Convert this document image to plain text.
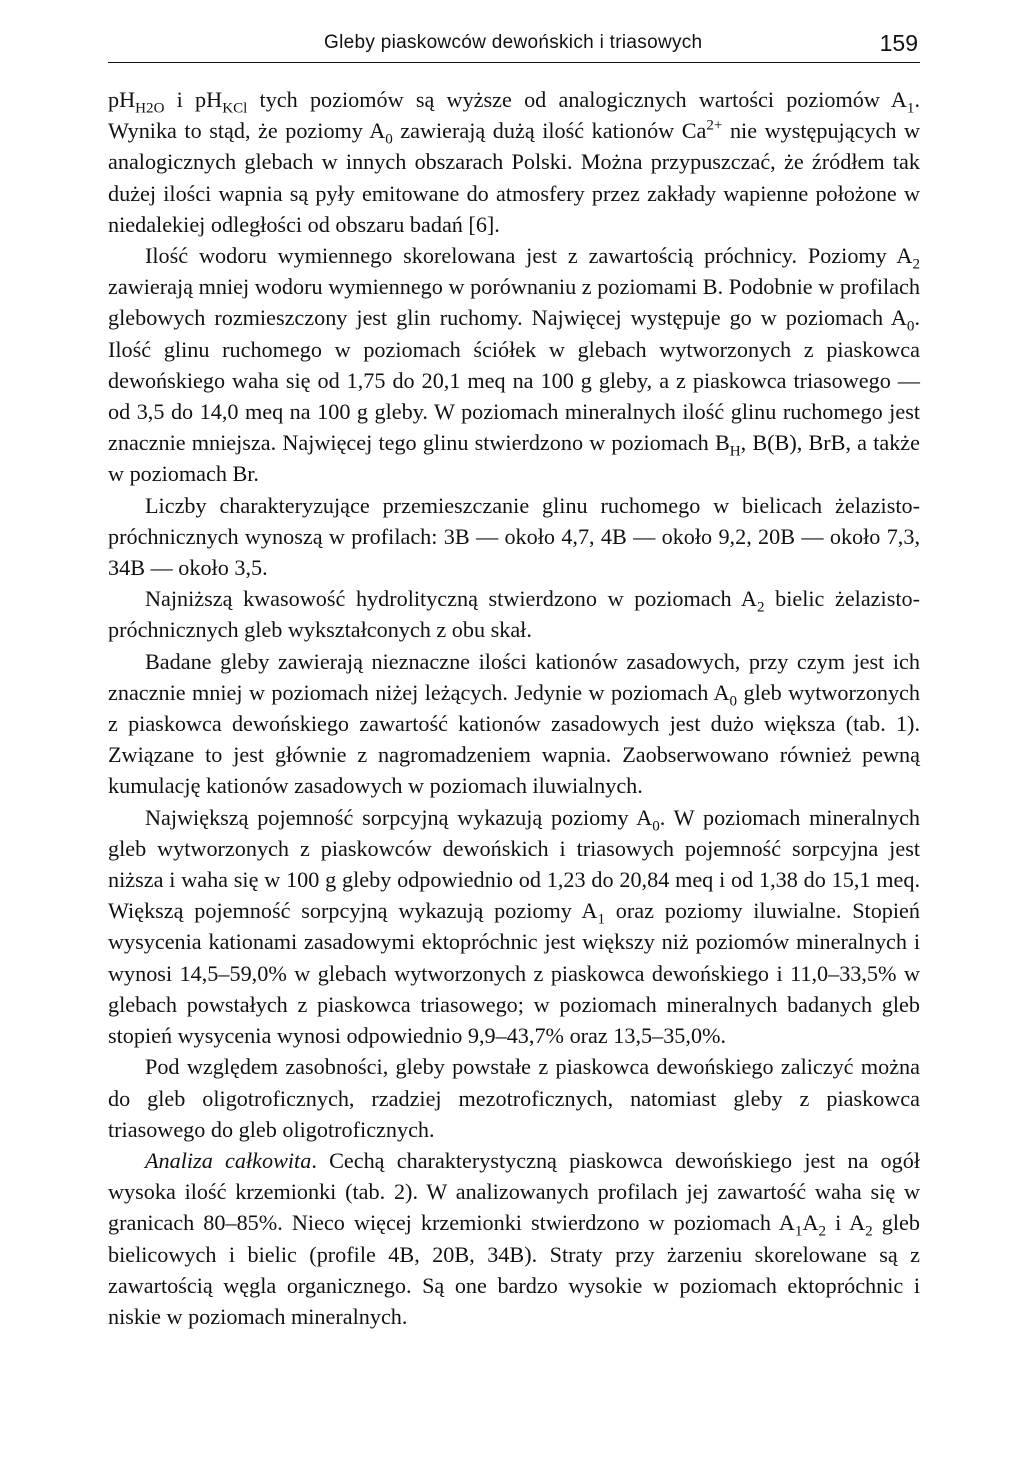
Gleby piaskowców dewońskich i triasowych	159

$pH_{H2O}$ i $pH_{KCl}$ tych poziomów są wyższe od analogicznych wartości poziomów $A_1$. Wynika to stąd, że poziomy $A_0$ zawierają dużą ilość kationów $Ca^{2+}$ nie występujących w analogicznych glebach w innych obszarach Polski. Można przypuszczać, że źródłem tak dużej ilości wapnia są pyły emitowane do atmosfery przez zakłady wapienne położone w niedalekiej odległości od obszaru badań [6].

Ilość wodoru wymiennego skorelowana jest z zawartością próchnicy. Poziomy $A_2$ zawierają mniej wodoru wymiennego w porównaniu z poziomami B. Podobnie w profilach glebowych rozmieszczony jest glin ruchomy. Najwięcej występuje go w poziomach $A_0$. Ilość glinu ruchomego w poziomach ściółek w glebach wytworzonych z piaskowca dewońskiego waha się od 1,75 do 20,1 meq na 100 g gleby, a z piaskowca triasowego — od 3,5 do 14,0 meq na 100 g gleby. W poziomach mineralnych ilość glinu ruchomego jest znacznie mniejsza. Najwięcej tego glinu stwierdzono w poziomach $B_H$, B(B), BrB, a także w poziomach Br.

Liczby charakteryzujące przemieszczanie glinu ruchomego w bielicach żelazisto-próchnicznych wynoszą w profilach: 3B — około 4,7, 4B — około 9,2, 20B — około 7,3, 34B — około 3,5.

Najniższą kwasowość hydrolityczną stwierdzono w poziomach $A_2$ bielic żelazisto-próchnicznych gleb wykształconych z obu skał.

Badane gleby zawierają nieznaczne ilości kationów zasadowych, przy czym jest ich znacznie mniej w poziomach niżej leżących. Jedynie w poziomach $A_0$ gleb wytworzonych z piaskowca dewońskiego zawartość kationów zasadowych jest dużo większa (tab. 1). Związane to jest głównie z nagromadzeniem wapnia. Zaobserwowano również pewną kumulację kationów zasadowych w poziomach iluwialnych.

Największą pojemność sorpcyjną wykazują poziomy $A_0$. W poziomach mineralnych gleb wytworzonych z piaskowców dewońskich i triasowych pojemność sorpcyjna jest niższa i waha się w 100 g gleby odpowiednio od 1,23 do 20,84 meq i od 1,38 do 15,1 meq. Większą pojemność sorpcyjną wykazują poziomy $A_1$ oraz poziomy iluwialne. Stopień wysycenia kationami zasadowymi ektopróchnic jest większy niż poziomów mineralnych i wynosi 14,5–59,0% w glebach wytworzonych z piaskowca dewońskiego i 11,0–33,5% w glebach powstałych z piaskowca triasowego; w poziomach mineralnych badanych gleb stopień wysycenia wynosi odpowiednio 9,9–43,7% oraz 13,5–35,0%.

Pod względem zasobności, gleby powstałe z piaskowca dewońskiego zaliczyć można do gleb oligotroficznych, rzadziej mezotroficznych, natomiast gleby z piaskowca triasowego do gleb oligotroficznych.

Analiza całkowita. Cechą charakterystyczną piaskowca dewońskiego jest na ogół wysoka ilość krzemionki (tab. 2). W analizowanych profilach jej zawartość waha się w granicach 80–85%. Nieco więcej krzemionki stwierdzono w poziomach $A_1A_2$ i $A_2$ gleb bielicowych i bielic (profile 4B, 20B, 34B). Straty przy żarzeniu skorelowane są z zawartością węgla organicznego. Są one bardzo wysokie w poziomach ektopróchnic i niskie w poziomach mineralnych.
